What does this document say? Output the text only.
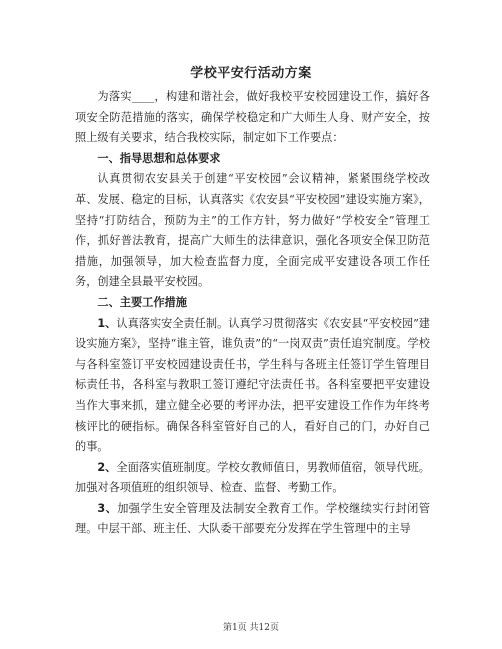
学校平安行活动方案

为落实____，构建和谐社会，做好我校平安校园建设工作，搞好各项安全防范措施的落实，确保学校稳定和广大师生人身、财产安全，按照上级有关要求，结合我校实际，制定如下工作要点：

一、指导思想和总体要求

认真贯彻农安县关于创建“平安校园”会议精神，紧紧围绕学校改革、发展、稳定的目标，认真落实《农安县“平安校园”建设实施方案》，坚持“打防结合，预防为主”的工作方针，努力做好“学校安全”管理工作，抓好普法教育，提高广大师生的法律意识，强化各项安全保卫防范措施，加强领导，加大检查监督力度，全面完成平安建设各项工作任务，创建全县最平安校园。

二、主要工作措施

1、认真落实安全责任制。认真学习贯彻落实《农安县“平安校园”建设实施方案》，坚持“谁主管，谁负责”的“一岗双责”责任追究制度。学校与各科室签订平安校园建设责任书，学生科与各班主任签订学生管理目标责任书，各科室与教职工签订遵纪守法责任书。各科室要把平安建设当作大事来抓，建立健全必要的考评办法，把平安建设工作作为年终考核评比的硬指标。确保各科室管好自己的人，看好自己的门，办好自己的事。

2、全面落实值班制度。学校女教师值日，男教师值宿，领导代班。加强对各项值班的组织领导、检查、监督、考勤工作。

3、加强学生安全管理及法制安全教育工作。学校继续实行封闭管理。中层干部、班主任、大队委干部要充分发挥在学生管理中的主导

第1页 共12页
